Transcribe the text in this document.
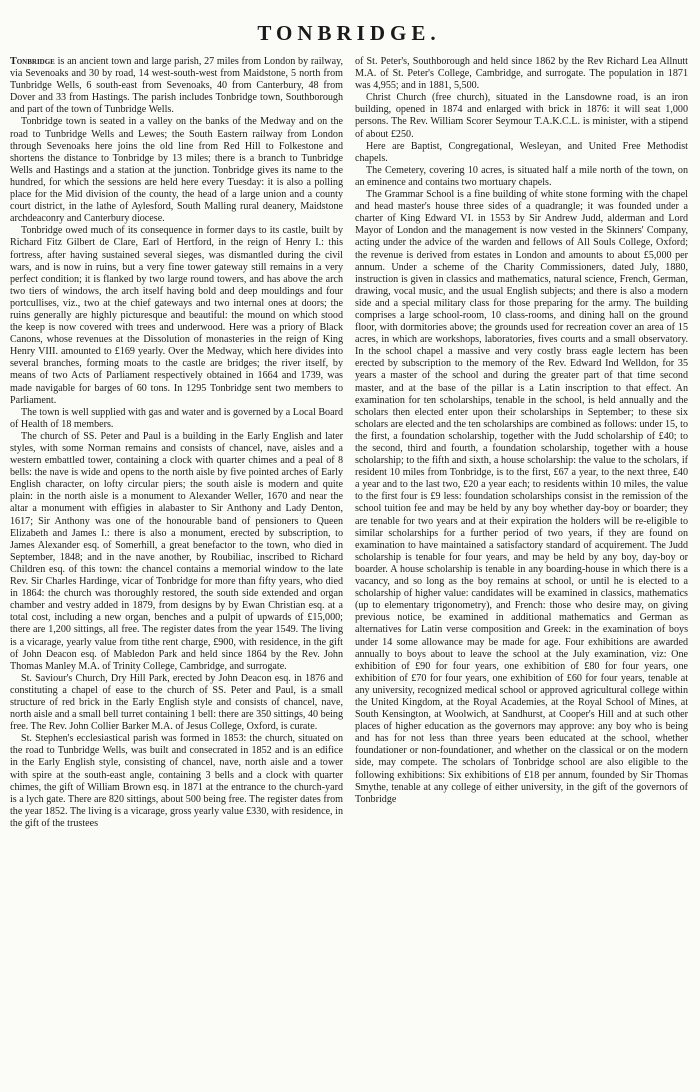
TONBRIDGE.

Tonbridge is an ancient town and large parish, 27 miles from London by railway, via Sevenoaks and 30 by road, 14 west-south-west from Maidstone, 5 north from Tunbridge Wells, 6 south-east from Sevenoaks, 40 from Canterbury, 48 from Dover and 33 from Hastings. The parish includes Tonbridge town, Southborough and part of the town of Tunbridge Wells.

Tonbridge town is seated in a valley on the banks of the Medway and on the road to Tunbridge Wells and Lewes; the South Eastern railway from London through Sevenoaks here joins the old line from Red Hill to Folkestone and shortens the distance to Tonbridge by 13 miles; there is a branch to Tunbridge Wells and Hastings and a station at the junction. Tonbridge gives its name to the hundred, for which the sessions are held here every Tuesday: it is also a polling place for the Mid division of the county, the head of a large union and a county court district, in the lathe of Aylesford, South Malling rural deanery, Maidstone archdeaconry and Canterbury diocese.

Tonbridge owed much of its consequence in former days to its castle, built by Richard Fitz Gilbert de Clare, Earl of Hertford, in the reign of Henry I.: this fortress, after having sustained several sieges, was dismantled during the civil wars, and is now in ruins, but a very fine tower gateway still remains in a very perfect condition; it is flanked by two large round towers, and has above the arch two tiers of windows, the arch itself having bold and deep mouldings and four portcullises, viz., two at the chief gateways and two internal ones at doors; the ruins generally are highly picturesque and beautiful: the mound on which stood the keep is now covered with trees and underwood. Here was a priory of Black Canons, whose revenues at the Dissolution of monasteries in the reign of King Henry VIII. amounted to £169 yearly. Over the Medway, which here divides into several branches, forming moats to the castle are bridges; the river itself, by means of two Acts of Parliament respectively obtained in 1664 and 1739, was made navigable for barges of 60 tons. In 1295 Tonbridge sent two members to Parliament.

The town is well supplied with gas and water and is governed by a Local Board of Health of 18 members.

The church of SS. Peter and Paul is a building in the Early English and later styles, with some Norman remains and consists of chancel, nave, aisles and a western embattled tower, containing a clock with quarter chimes and a peal of 8 bells: the nave is wide and opens to the north aisle by five pointed arches of Early English character, on lofty circular piers; the south aisle is modern and quite plain: in the north aisle is a monument to Alexander Weller, 1670 and near the altar a monument with effigies in alabaster to Sir Anthony and Lady Denton, 1617; Sir Anthony was one of the honourable band of pensioners to Queen Elizabeth and James I.: there is also a monument, erected by subscription, to James Alexander esq. of Somerhill, a great benefactor to the town, who died in September, 1848; and in the nave another, by Roubiliac, inscribed to Richard Children esq. of this town: the chancel contains a memorial window to the late Rev. Sir Charles Hardinge, vicar of Tonbridge for more than fifty years, who died in 1864: the church was thoroughly restored, the south side extended and organ chamber and vestry added in 1879, from designs by by Ewan Christian esq. at a total cost, including a new organ, benches and a pulpit of upwards of £15,000; there are 1,200 sittings, all free. The register dates from the year 1549. The living is a vicarage, yearly value from tithe rent charge, £900, with residence, in the gift of John Deacon esq. of Mabledon Park and held since 1864 by the Rev. John Thomas Manley M.A. of Trinity College, Cambridge, and surrogate.

St. Saviour's Church, Dry Hill Park, erected by John Deacon esq. in 1876 and constituting a chapel of ease to the church of SS. Peter and Paul, is a small structure of red brick in the Early English style and consists of chancel, nave, north aisle and a small bell turret containing 1 bell: there are 350 sittings, 40 being free. The Rev. John Collier Barker M.A. of Jesus College, Oxford, is curate.

St. Stephen's ecclesiastical parish was formed in 1853: the church, situated on the road to Tunbridge Wells, was built and consecrated in 1852 and is an edifice in the Early English style, consisting of chancel, nave, north aisle and a tower with spire at the south-east angle, containing 3 bells and a clock with quarter chimes, the gift of William Brown esq. in 1871 at the entrance to the church-yard is a lych gate. There are 820 sittings, about 500 being free. The register dates from the year 1852. The living is a vicarage, gross yearly value £330, with residence, in the gift of the trustees

of St. Peter's, Southborough and held since 1862 by the Rev Richard Lea Allnutt M.A. of St. Peter's College, Cambridge, and surrogate. The population in 1871 was 4,955; and in 1881, 5,500.

Christ Church (free church), situated in the Lansdowne road, is an iron building, opened in 1874 and enlarged with brick in 1876: it will seat 1,000 persons. The Rev. William Scorer Seymour T.A.K.C.L. is minister, with a stipend of about £250.

Here are Baptist, Congregational, Wesleyan, and United Free Methodist chapels.

The Cemetery, covering 10 acres, is situated half a mile north of the town, on an eminence and contains two mortuary chapels.

The Grammar School is a fine building of white stone forming with the chapel and head master's house three sides of a quadrangle; it was founded under a charter of King Edward VI. in 1553 by Sir Andrew Judd, alderman and Lord Mayor of London and the management is now vested in the Skinners' Company, acting under the advice of the warden and fellows of All Souls College, Oxford; the revenue is derived from estates in London and amounts to about £5,000 per annum. Under a scheme of the Charity Commissioners, dated July, 1880, instruction is given in classics and mathematics, natural science, French, German, drawing, vocal music, and the usual English subjects; and there is also a modern side and a special military class for those preparing for the army. The building comprises a large school-room, 10 class-rooms, and dining hall on the ground floor, with dormitories above; the grounds used for recreation cover an area of 15 acres, in which are workshops, laboratories, fives courts and a small observatory. In the school chapel a massive and very costly brass eagle lectern has been erected by subscription to the memory of the Rev. Edward Ind Welldon, for 35 years a master of the school and during the greater part of that time second master, and at the base of the pillar is a Latin inscription to that effect. An examination for ten scholarships, tenable in the school, is held annually and the scholars then elected enter upon their scholarships in September; to these six scholars are elected and the ten scholarships are combined as follows: under 15, to the first, a foundation scholarship, together with the Judd scholarship of £40; to the second, third and fourth, a foundation scholarship, together with a house scholarship; to the fifth and sixth, a house scholarship: the value to the scholars, if resident 10 miles from Tonbridge, is to the first, £67 a year, to the next three, £40 a year and to the last two, £20 a year each; to residents within 10 miles, the value to the first four is £9 less: foundation scholarships consist in the remission of the school tuition fee and may be held by any boy whether day-boy or boarder; they are tenable for two years and at their expiration the holders will be re-eligible to similar scholarships for a further period of two years, if they are found on examination to have maintained a satisfactory standard of acquirement. The Judd scholarship is tenable for four years, and may be held by any boy, day-boy or boarder. A house scholarship is tenable in any boarding-house in which there is a vacancy, and so long as the boy remains at school, or until he is elected to a scholarship of higher value: candidates will be examined in classics, mathematics (up to elementary trigonometry), and French: those who desire may, on giving previous notice, be examined in additional mathematics and German as alternatives for Latin verse composition and Greek: in the examination of boys under 14 some allowance may be made for age. Four exhibitions are awarded annually to boys about to leave the school at the July examination, viz: One exhibition of £90 for four years, one exhibition of £80 for four years, one exhibition of £70 for four years, one exhibition of £60 for four years, tenable at any university, recognized medical school or approved agricultural college within the United Kingdom, at the Royal Academies, at the Royal School of Mines, at South Kensington, at Woolwich, at Sandhurst, at Cooper's Hill and at such other places of higher education as the governors may approve: any boy who is being and has for not less than three years been educated at the school, whether foundationer or non-foundationer, and whether on the classical or on the modern side, may compete. The scholars of Tonbridge school are also eligible to the following exhibitions: Six exhibitions of £18 per annum, founded by Sir Thomas Smythe, tenable at any college of either university, in the gift of the governors of Tonbridge
